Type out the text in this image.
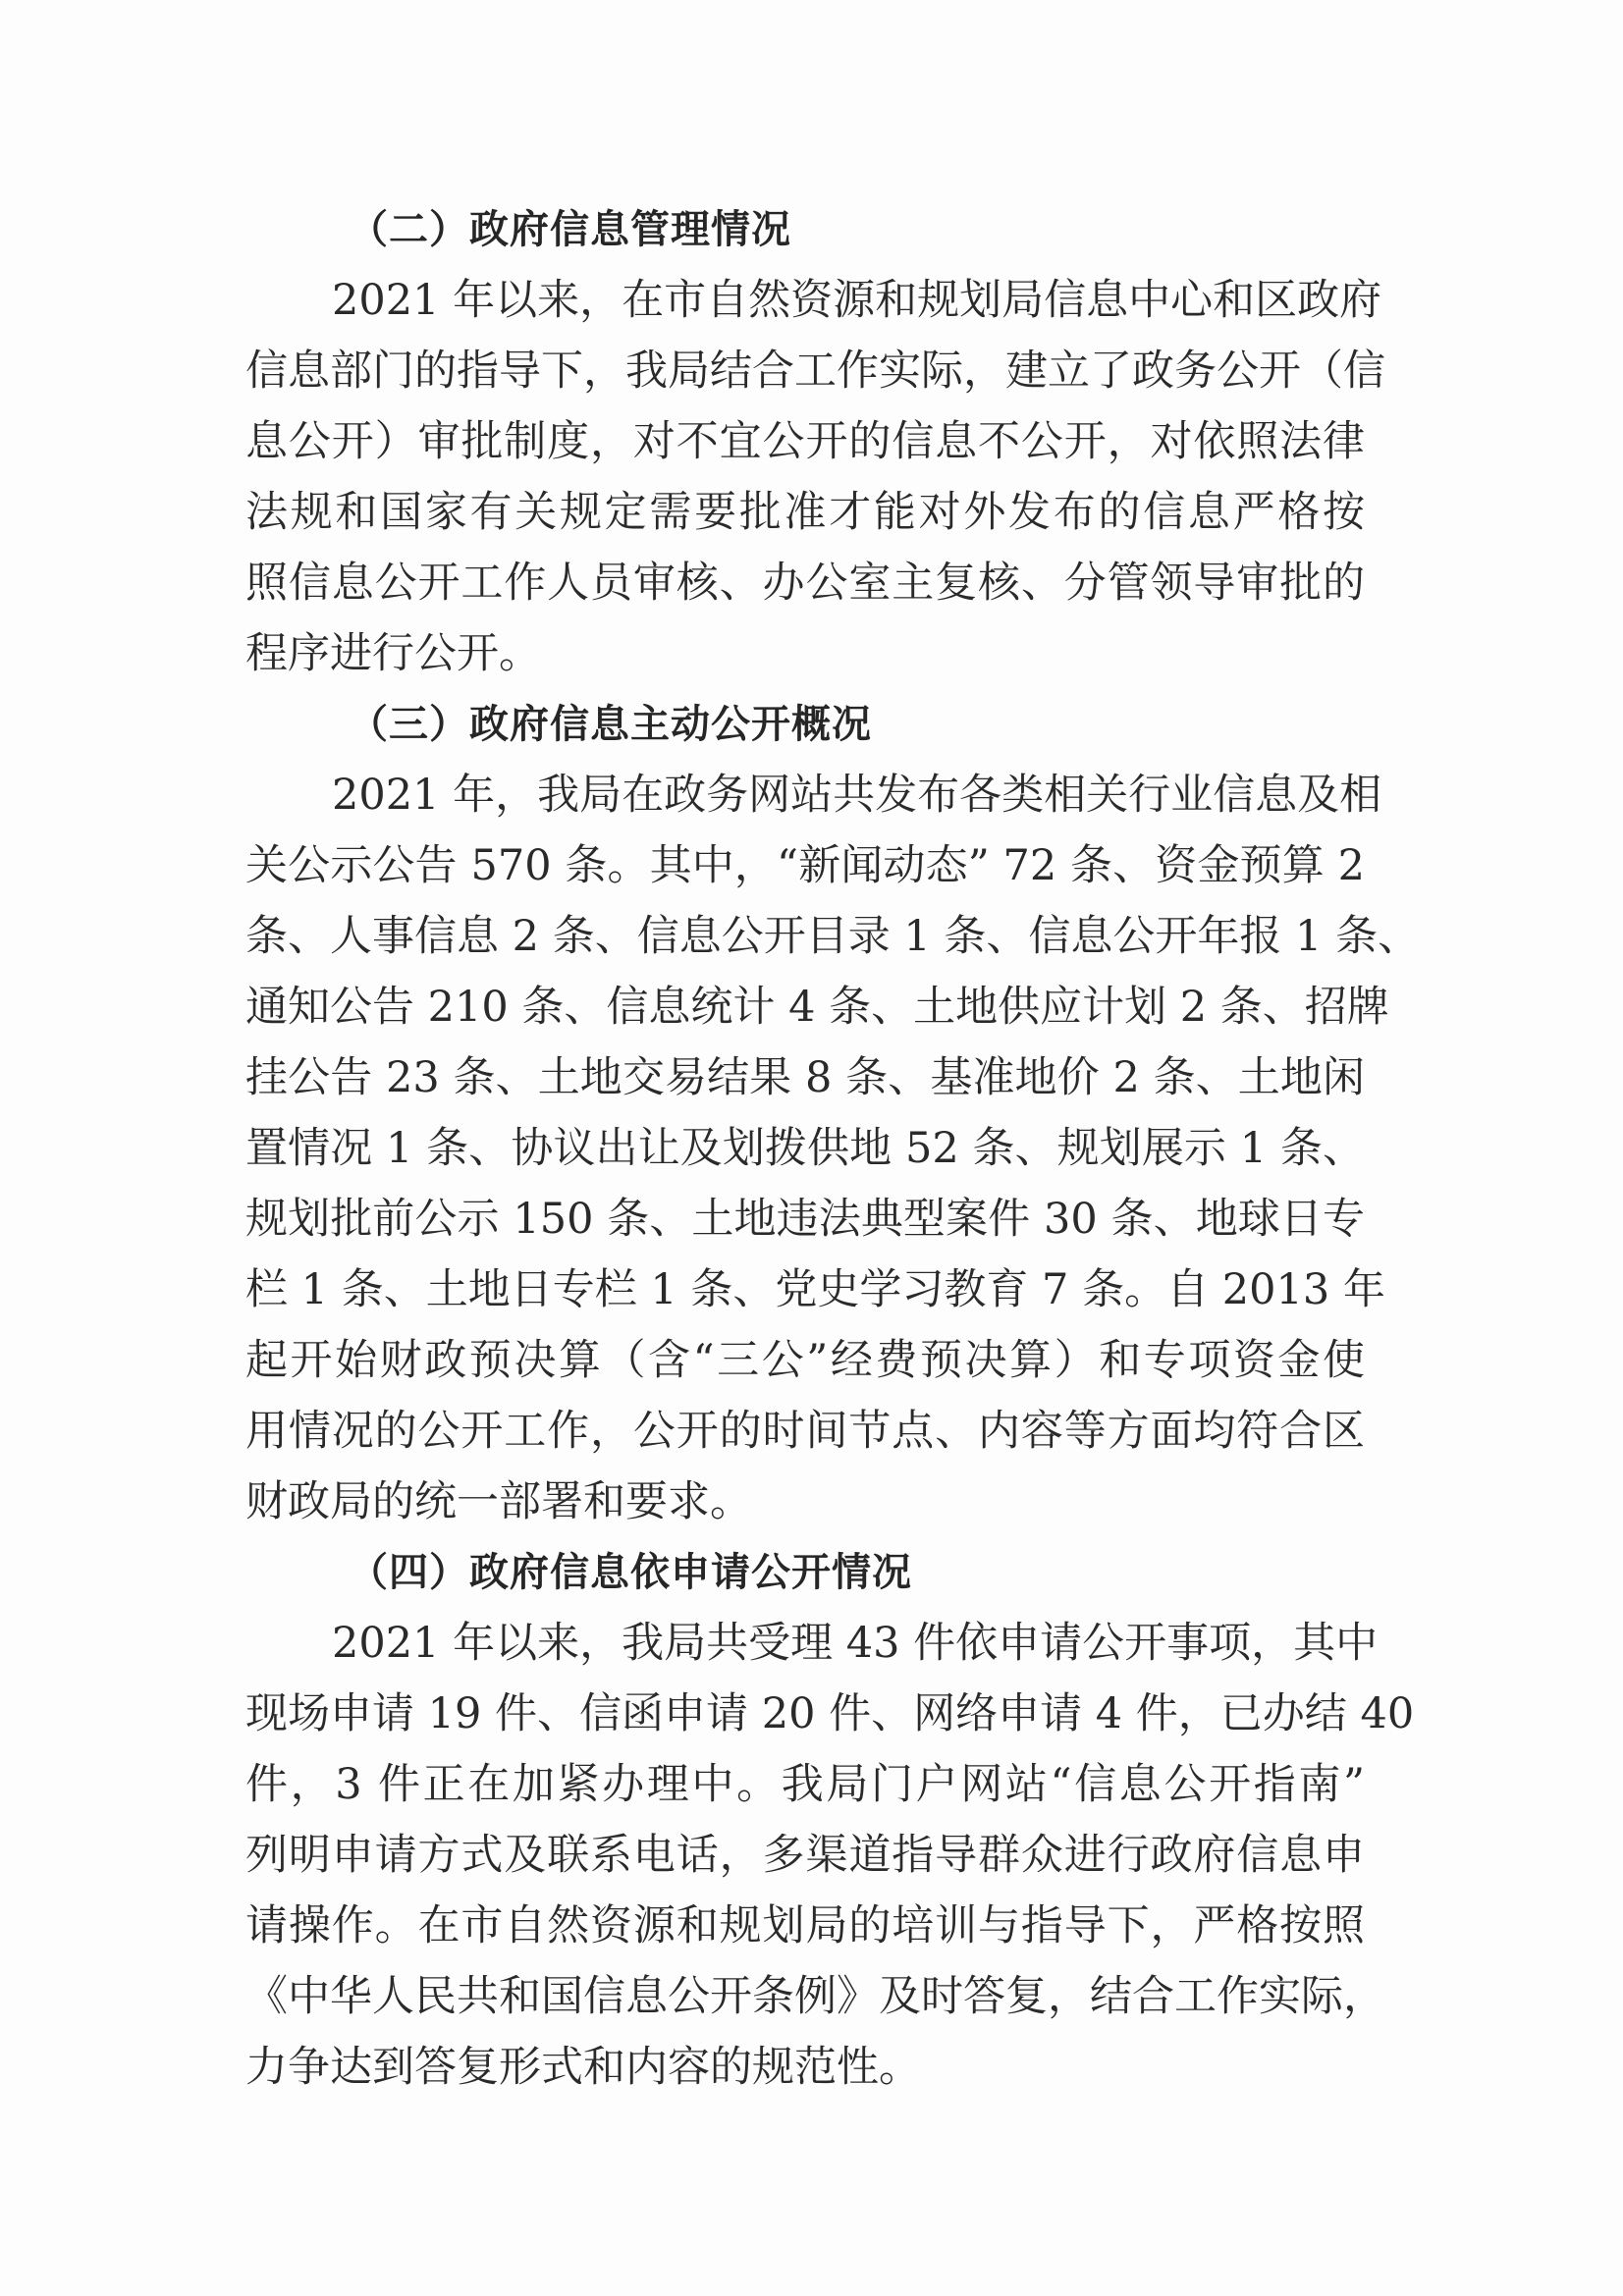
（二）政府信息管理情况

2021 年以来，在市自然资源和规划局信息中心和区政府
信息部门的指导下，我局结合工作实际，建立了政务公开（信
息公开）审批制度，对不宜公开的信息不公开，对依照法律
法规和国家有关规定需要批准才能对外发布的信息严格按
照信息公开工作人员审核、办公室主复核、分管领导审批的
程序进行公开。

（三）政府信息主动公开概况

2021 年，我局在政务网站共发布各类相关行业信息及相
关公示公告 570 条。其中，“新闻动态” 72 条、资金预算 2
条、人事信息 2 条、信息公开目录 1 条、信息公开年报 1 条、
通知公告 210 条、信息统计 4 条、土地供应计划 2 条、招牌
挂公告 23 条、土地交易结果 8 条、基准地价 2 条、土地闲
置情况 1 条、协议出让及划拨供地 52 条、规划展示 1 条、
规划批前公示 150 条、土地违法典型案件 30 条、地球日专
栏 1 条、土地日专栏 1 条、党史学习教育 7 条。自 2013 年
起开始财政预决算（含“三公”经费预决算）和专项资金使
用情况的公开工作，公开的时间节点、内容等方面均符合区
财政局的统一部署和要求。

（四）政府信息依申请公开情况

2021 年以来，我局共受理 43 件依申请公开事项，其中
现场申请 19 件、信函申请 20 件、网络申请 4 件，已办结 40
件，3 件正在加紧办理中。我局门户网站“信息公开指南”
列明申请方式及联系电话，多渠道指导群众进行政府信息申
请操作。在市自然资源和规划局的培训与指导下，严格按照
《中华人民共和国信息公开条例》及时答复，结合工作实际，
力争达到答复形式和内容的规范性。
